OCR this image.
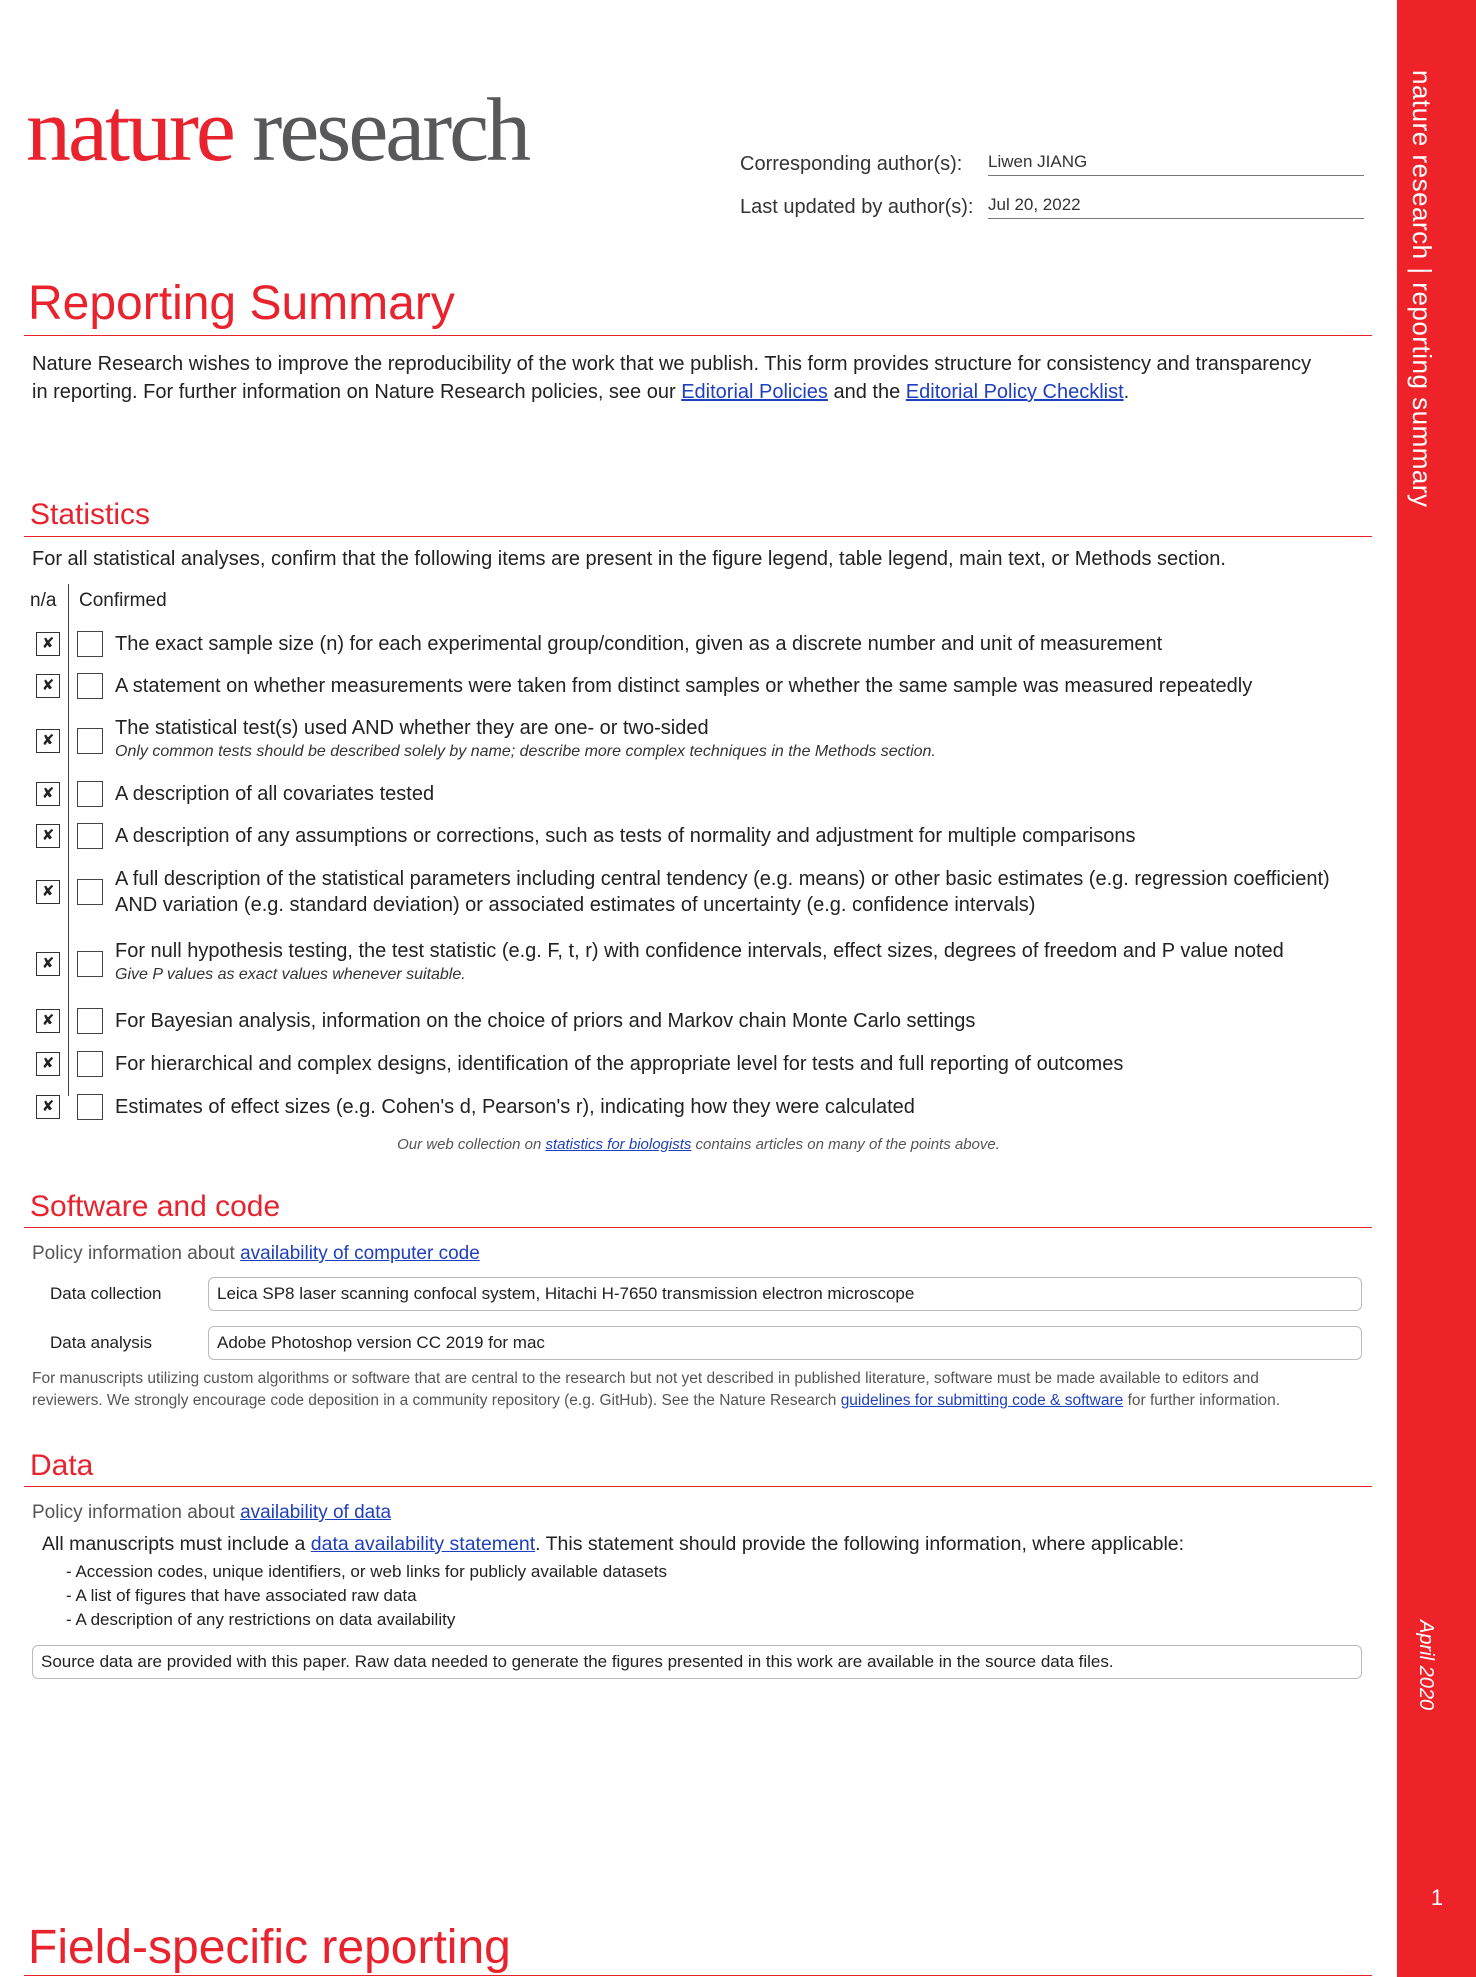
nature research | reporting summary
April 2020
1
nature research	Corresponding author(s):	Liwen JIANG
Last updated by author(s): Jul 20, 2022
Reporting Summary
Nature Research wishes to improve the reproducibility of the work that we publish. This form provides structure for consistency and transparency
in reporting. For further information on Nature Research policies, see our Editorial Policies and the Editorial Policy Checklist.
Statistics
For all statistical analyses, confirm that the following items are present in the figure legend, table legend, main text, or Methods section.
n/a Confirmed
✘	The exact sample size (n) for each experimental group/condition, given as a discrete number and unit of measurement
✘	A statement on whether measurements were taken from distinct samples or whether the same sample was measured repeatedly
✘
The statistical test(s) used AND whether they are one- or two-sided
Only common tests should be described solely by name; describe more complex techniques in the Methods section.
✘	A description of all covariates tested
✘	A description of any assumptions or corrections, such as tests of normality and adjustment for multiple comparisons
✘
A full description of the statistical parameters including central tendency (e.g. means) or other basic estimates (e.g. regression coefficient)
AND variation (e.g. standard deviation) or associated estimates of uncertainty (e.g. confidence intervals)
✘
For null hypothesis testing, the test statistic (e.g. F, t, r) with confidence intervals, effect sizes, degrees of freedom and P value noted
Give P values as exact values whenever suitable.
✘	For Bayesian analysis, information on the choice of priors and Markov chain Monte Carlo settings
✘	For hierarchical and complex designs, identification of the appropriate level for tests and full reporting of outcomes
✘	Estimates of effect sizes (e.g. Cohen's d, Pearson's r), indicating how they were calculated
Our web collection on statistics for biologists contains articles on many of the points above.
Software and code
Policy information about availability of computer code
Data collection	Leica SP8 laser scanning confocal system, Hitachi H-7650 transmission electron microscope
Data analysis	Adobe Photoshop version CC 2019 for mac
For manuscripts utilizing custom algorithms or software that are central to the research but not yet described in published literature, software must be made available to editors and
reviewers. We strongly encourage code deposition in a community repository (e.g. GitHub). See the Nature Research guidelines for submitting code & software for further information.
Data
Policy information about availability of data
All manuscripts must include a data availability statement. This statement should provide the following information, where applicable:
- Accession codes, unique identifiers, or web links for publicly available datasets
- A list of figures that have associated raw data
- A description of any restrictions on data availability
Source data are provided with this paper. Raw data needed to generate the figures presented in this work are available in the source data files.
Field-specific reporting
